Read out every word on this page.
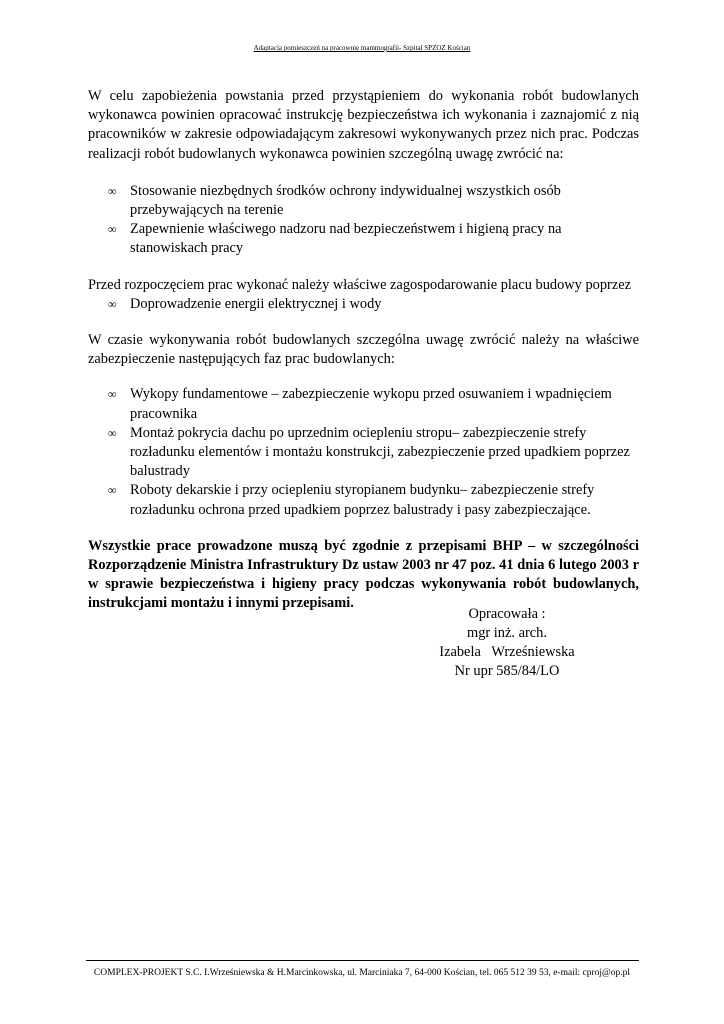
Adaptacja pomieszczeń na pracownię mammografii- Szpital SPZOZ Kościan

W celu zapobieżenia powstania przed przystąpieniem do wykonania robót budowlanych wykonawca powinien opracować instrukcję bezpieczeństwa ich wykonania i zaznajomić z nią pracowników w zakresie odpowiadającym zakresowi wykonywanych przez nich prac. Podczas realizacji robót budowlanych wykonawca powinien szczególną uwagę zwrócić na:

∞ Stosowanie niezbędnych środków ochrony indywidualnej wszystkich osób przebywających na terenie
∞ Zapewnienie właściwego nadzoru nad bezpieczeństwem i higieną pracy na stanowiskach pracy

Przed rozpoczęciem prac wykonać należy właściwe zagospodarowanie placu budowy poprzez

∞ Doprowadzenie energii elektrycznej i wody

W czasie wykonywania robót budowlanych szczególna uwagę zwrócić należy na właściwe zabezpieczenie następujących faz prac budowlanych:

∞ Wykopy fundamentowe – zabezpieczenie wykopu przed osuwaniem i wpadnięciem pracownika
∞ Montaż pokrycia dachu po uprzednim ociepleniu stropu– zabezpieczenie strefy rozładunku elementów i montażu konstrukcji, zabezpieczenie przed upadkiem poprzez balustrady
∞ Roboty dekarskie i przy ociepleniu styropianem budynku– zabezpieczenie strefy rozładunku ochrona przed upadkiem poprzez balustrady i pasy zabezpieczające.

Wszystkie prace prowadzone muszą być zgodnie z przepisami BHP – w szczególności Rozporządzenie Ministra Infrastruktury Dz ustaw 2003 nr 47 poz. 41 dnia 6 lutego 2003 r w sprawie bezpieczeństwa i higieny pracy podczas wykonywania robót budowlanych, instrukcjami montażu i innymi przepisami.

Opracowała :
mgr inż. arch.
Izabela   Wrześniewska
Nr upr 585/84/LO
COMPLEX-PROJEKT S.C. I.Wrześniewska & H.Marcinkowska, ul. Marciniaka 7, 64-000 Kościan, tel. 065 512 39 53, e-mail: cproj@op.pl
